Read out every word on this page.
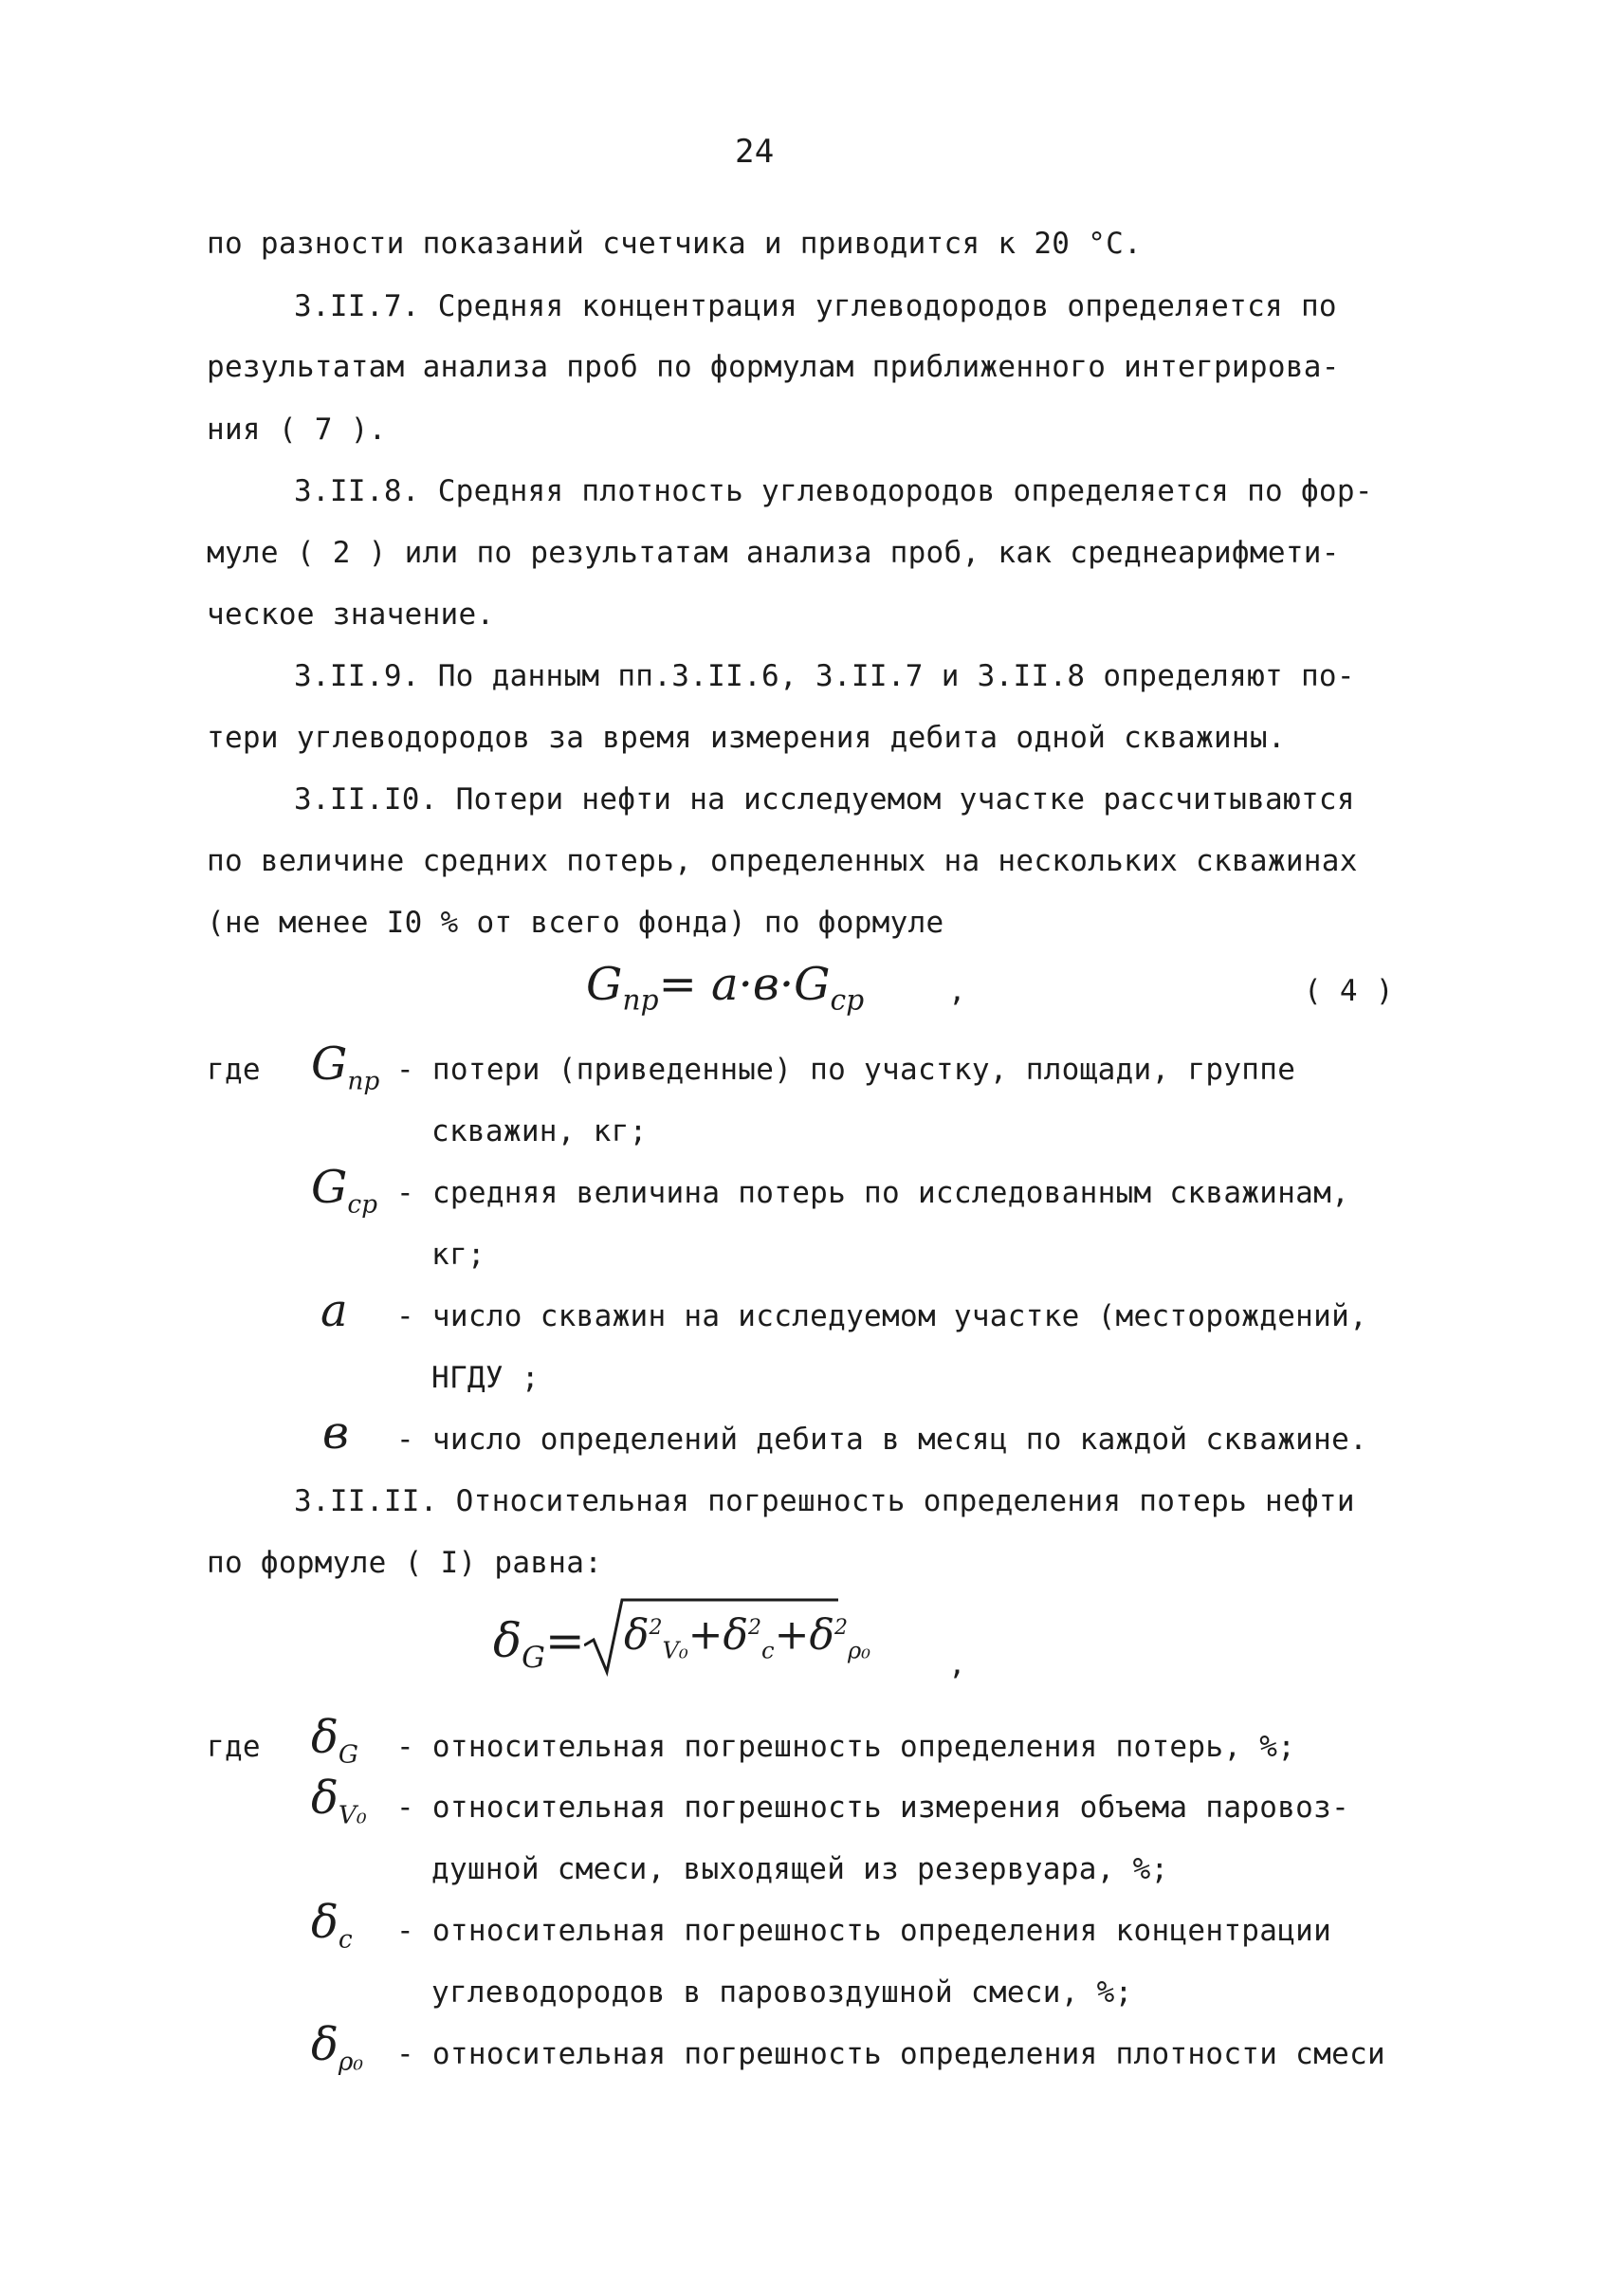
24
по разности показаний счетчика и приводится к 20 °С.
3.II.7. Средняя концентрация углеводородов определяется по
результатам анализа проб по формулам приближенного интегрирова-
ния ( 7 ).
3.II.8. Средняя плотность углеводородов определяется по фор-
муле ( 2 ) или по результатам анализа проб, как среднеарифмети-
ческое значение.
3.II.9. По данным пп.3.II.6, 3.II.7 и 3.II.8 определяют по-
тери углеводородов за время измерения дебита одной скважины.
3.II.I0. Потери нефти на исследуемом участке рассчитываются
по величине средних потерь, определенных на нескольких скважинах
(не менее I0 % от всего фонда) по формуле
$G_{пр}= a\cdot в\cdot G_{ср}$	,	( 4 )
где $G_{пр}$ - потери (приведенные) по участку, площади, группе
скважин, кг;
$G_{ср}$ - средняя величина потерь по исследованным скважинам,
кг;
a - число скважин на исследуемом участке (месторождений,
НГДУ ;
в - число определений дебита в месяц по каждой скважине.
3.II.II. Относительная погрешность определения потерь нефти
по формуле ( I) равна:
$\delta_G= \delta^2_{V_0}+\delta^2_c+\delta^2_{\rho_0}$	,
где $\delta_G$ - относительная погрешность определения потерь, %;
$\delta_{V_0}$ - относительная погрешность измерения объема паровоз-
душной смеси, выходящей из резервуара, %;
$\delta_c$ - относительная погрешность определения концентрации
углеводородов в паровоздушной смеси, %;
$\delta_{\rho_0}$ - относительная погрешность определения плотности смеси
